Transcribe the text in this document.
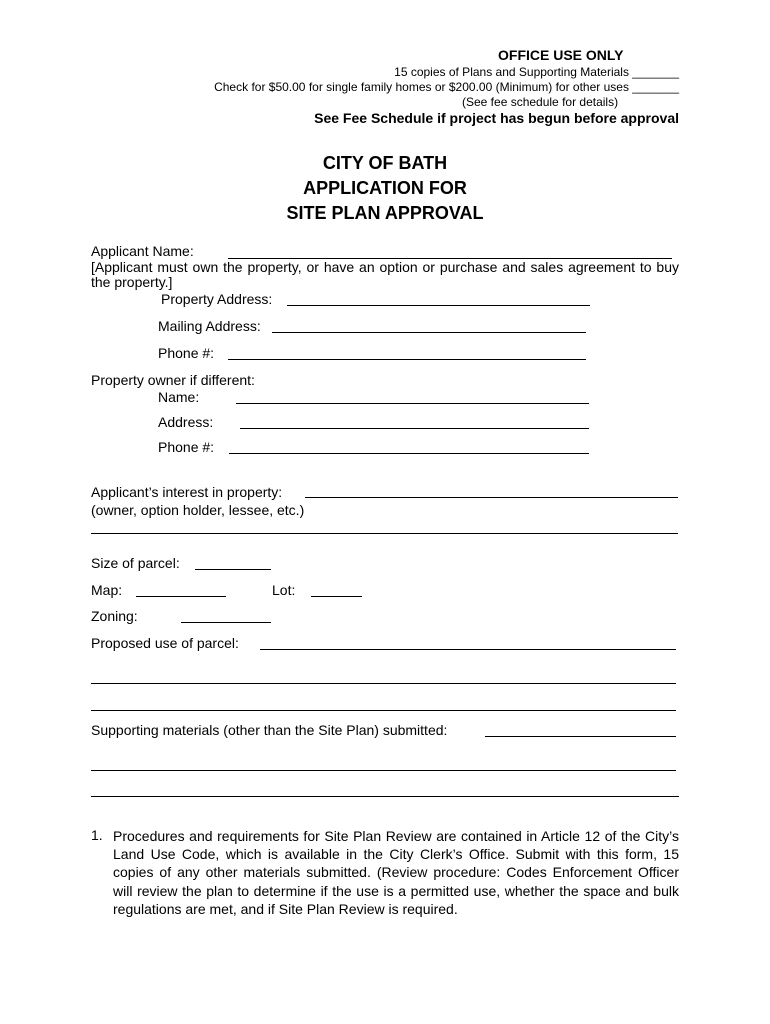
OFFICE USE ONLY
15 copies of Plans and Supporting Materials _______
Check for $50.00 for single family homes or $200.00 (Minimum) for other uses _______
(See fee schedule for details)
See Fee Schedule if project has begun before approval
CITY OF BATH
APPLICATION FOR
SITE PLAN APPROVAL
Applicant Name:
[Applicant must own the property, or have an option or purchase and sales agreement to buy the property.]
Property Address:
Mailing Address:
Phone #:
Property owner if different:
Name:
Address:
Phone #:
Applicant’s interest in property:
(owner, option holder, lessee, etc.)
Size of parcel:
Map:	Lot:
Zoning:
Proposed use of parcel:
Supporting materials (other than the Site Plan) submitted:
1. Procedures and requirements for Site Plan Review are contained in Article 12 of the City’s Land Use Code, which is available in the City Clerk’s Office. Submit with this form, 15 copies of any other materials submitted. (Review procedure: Codes Enforcement Officer will review the plan to determine if the use is a permitted use, whether the space and bulk regulations are met, and if Site Plan Review is required.
